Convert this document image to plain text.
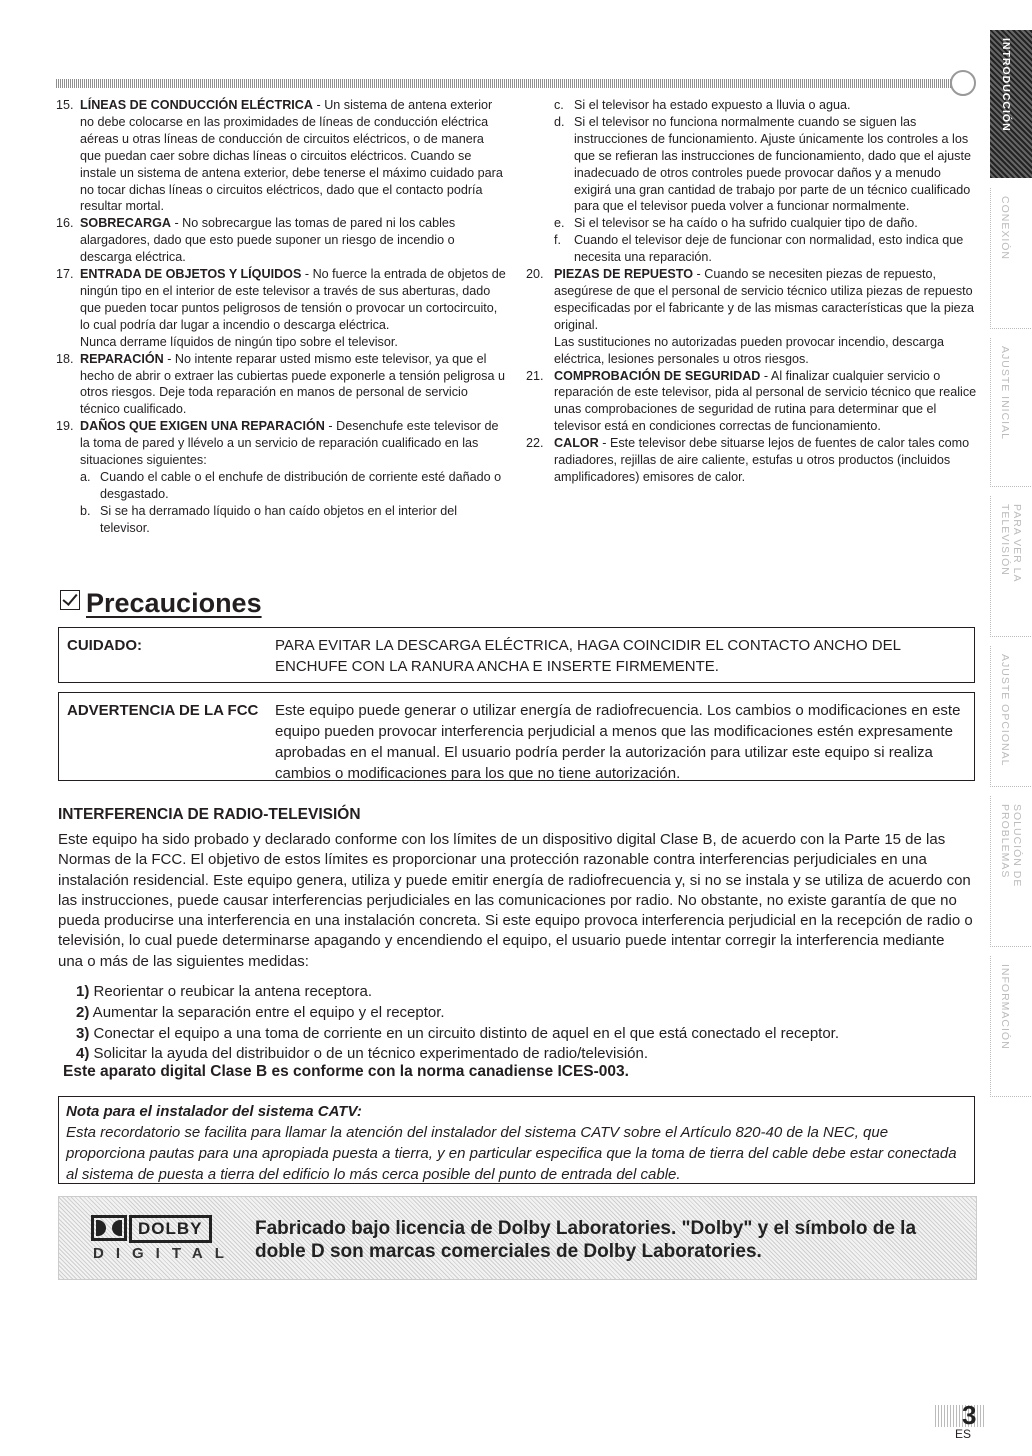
15. LÍNEAS DE CONDUCCIÓN ELÉCTRICA - Un sistema de antena exterior no debe colocarse en las proximidades de líneas de conducción eléctrica aéreas u otras líneas de conducción de circuitos eléctricos, o de manera que puedan caer sobre dichas líneas o circuitos eléctricos. Cuando se instale un sistema de antena exterior, debe tenerse el máximo cuidado para no tocar dichas líneas o circuitos eléctricos, dado que el contacto podría resultar mortal.
16. SOBRECARGA - No sobrecargue las tomas de pared ni los cables alargadores, dado que esto puede suponer un riesgo de incendio o descarga eléctrica.
17. ENTRADA DE OBJETOS Y LÍQUIDOS - No fuerce la entrada de objetos de ningún tipo en el interior de este televisor a través de sus aberturas, dado que pueden tocar puntos peligrosos de tensión o provocar un cortocircuito, lo cual podría dar lugar a incendio o descarga eléctrica.
Nunca derrame líquidos de ningún tipo sobre el televisor.
18. REPARACIÓN - No intente reparar usted mismo este televisor, ya que el hecho de abrir o extraer las cubiertas puede exponerle a tensión peligrosa u otros riesgos. Deje toda reparación en manos de personal de servicio técnico cualificado.
19. DAÑOS QUE EXIGEN UNA REPARACIÓN - Desenchufe este televisor de la toma de pared y llévelo a un servicio de reparación cualificado en las situaciones siguientes:
a. Cuando el cable o el enchufe de distribución de corriente esté dañado o desgastado.
b. Si se ha derramado líquido o han caído objetos en el interior del televisor.
c. Si el televisor ha estado expuesto a lluvia o agua.
d. Si el televisor no funciona normalmente cuando se siguen las instrucciones de funcionamiento. Ajuste únicamente los controles a los que se refieran las instrucciones de funcionamiento, dado que el ajuste inadecuado de otros controles puede provocar daños y a menudo exigirá una gran cantidad de trabajo por parte de un técnico cualificado para que el televisor pueda volver a funcionar normalmente.
e. Si el televisor se ha caído o ha sufrido cualquier tipo de daño.
f. Cuando el televisor deje de funcionar con normalidad, esto indica que necesita una reparación.
20. PIEZAS DE REPUESTO - Cuando se necesiten piezas de repuesto, asegúrese de que el personal de servicio técnico utiliza piezas de repuesto especificadas por el fabricante y de las mismas características que la pieza original.
Las sustituciones no autorizadas pueden provocar incendio, descarga eléctrica, lesiones personales u otros riesgos.
21. COMPROBACIÓN DE SEGURIDAD - Al finalizar cualquier servicio o reparación de este televisor, pida al personal de servicio técnico que realice unas comprobaciones de seguridad de rutina para determinar que el televisor está en condiciones correctas de funcionamiento.
22. CALOR - Este televisor debe situarse lejos de fuentes de calor tales como radiadores, rejillas de aire caliente, estufas u otros productos (incluidos amplificadores) emisores de calor.
Precauciones
CUIDADO:	PARA EVITAR LA DESCARGA ELÉCTRICA, HAGA COINCIDIR EL CONTACTO ANCHO DEL ENCHUFE CON LA RANURA ANCHA E INSERTE FIRMEMENTE.
ADVERTENCIA DE LA FCC Este equipo puede generar o utilizar energía de radiofrecuencia. Los cambios o modificaciones en este equipo pueden provocar interferencia perjudicial a menos que las modificaciones estén expresamente aprobadas en el manual. El usuario podría perder la autorización para utilizar este equipo si realiza cambios o modificaciones para los que no tiene autorización.
INTERFERENCIA DE RADIO-TELEVISIÓN
Este equipo ha sido probado y declarado conforme con los límites de un dispositivo digital Clase B, de acuerdo con la Parte 15 de las Normas de la FCC. El objetivo de estos límites es proporcionar una protección razonable contra interferencias perjudiciales en una instalación residencial. Este equipo genera, utiliza y puede emitir energía de radiofrecuencia y, si no se instala y se utiliza de acuerdo con las instrucciones, puede causar interferencias perjudiciales en las comunicaciones por radio. No obstante, no existe garantía de que no pueda producirse una interferencia en una instalación concreta. Si este equipo provoca interferencia perjudicial en la recepción de radio o televisión, lo cual puede determinarse apagando y encendiendo el equipo, el usuario puede intentar corregir la interferencia mediante una o más de las siguientes medidas:
1) Reorientar o reubicar la antena receptora.
2) Aumentar la separación entre el equipo y el receptor.
3) Conectar el equipo a una toma de corriente en un circuito distinto de aquel en el que está conectado el receptor.
4) Solicitar la ayuda del distribuidor o de un técnico experimentado de radio/televisión.
Este aparato digital Clase B es conforme con la norma canadiense ICES-003.
Nota para el instalador del sistema CATV:
Esta recordatorio se facilita para llamar la atención del instalador del sistema CATV sobre el Artículo 820-40 de la NEC, que proporciona pautas para una apropiada puesta a tierra, y en particular especifica que la toma de tierra del cable debe estar conectada al sistema de puesta a tierra del edificio lo más cerca posible del punto de entrada del cable.
DOLBY
DIGITAL
Fabricado bajo licencia de Dolby Laboratories. "Dolby" y el símbolo de la doble D son marcas comerciales de Dolby Laboratories.
INTRODUCCIÓN
CONEXIÓN
AJUSTE INICIAL
PARA VER LA TELEVISIÓN
AJUSTE OPCIONAL
SOLUCIÓN DE PROBLEMAS
INFORMACIÓN
3
ES
